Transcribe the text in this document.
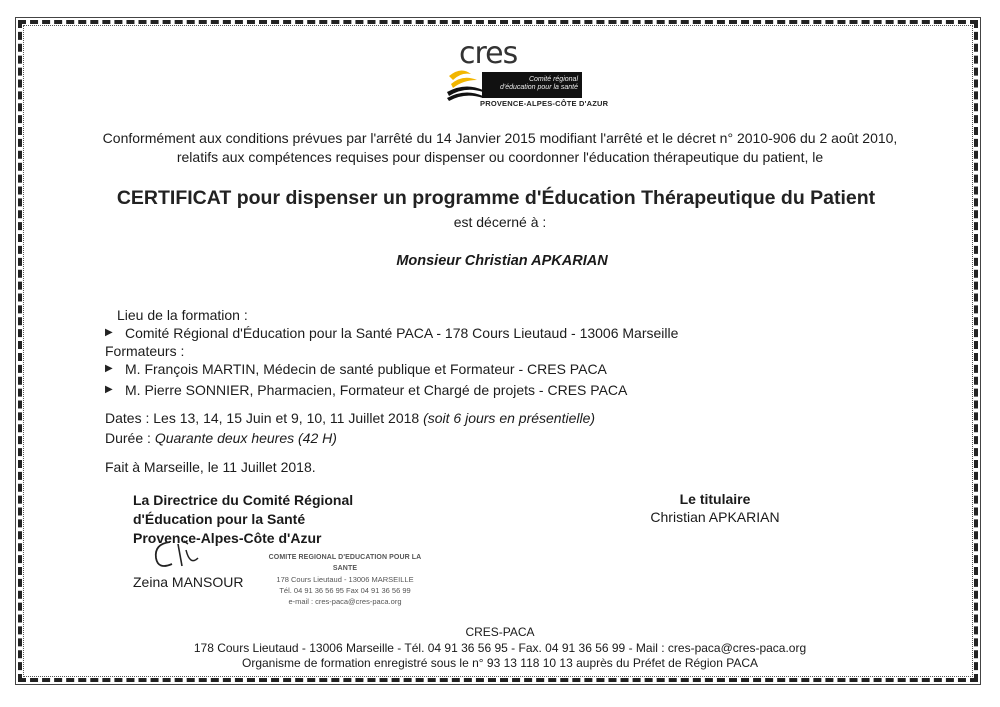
cres
Comité régional
d'éducation pour la santé
PROVENCE-ALPES-CÔTE D'AZUR
Conformément aux conditions prévues par l'arrêté du 14 Janvier 2015 modifiant l'arrêté et le décret n° 2010-906 du 2 août 2010,
relatifs aux compétences requises pour dispenser ou coordonner l'éducation thérapeutique du patient, le
CERTIFICAT pour dispenser un programme d'Éducation Thérapeutique du Patient
est décerné à :
Monsieur Christian APKARIAN
Lieu de la formation :
▶ Comité Régional d'Éducation pour la Santé PACA - 178 Cours Lieutaud - 13006 Marseille
Formateurs :
▶ M. François MARTIN, Médecin de santé publique et Formateur - CRES PACA
▶ M. Pierre SONNIER, Pharmacien, Formateur et Chargé de projets - CRES PACA
Dates : Les 13, 14, 15 Juin et 9, 10, 11 Juillet 2018 (soit 6 jours en présentielle)
Durée : Quarante deux heures (42 H)
Fait à Marseille, le 11 Juillet 2018.
La Directrice du Comité Régional
d'Éducation pour la Santé
Provence-Alpes-Côte d'Azur
Zeina MANSOUR
COMITE REGIONAL D'EDUCATION POUR LA SANTE
178 Cours Lieutaud - 13006 MARSEILLE
Tél. 04 91 36 56 95 Fax 04 91 36 56 99
e-mail : cres-paca@cres-paca.org
Le titulaire
Christian APKARIAN
CRES-PACA
178 Cours Lieutaud - 13006 Marseille - Tél. 04 91 36 56 95 - Fax. 04 91 36 56 99 - Mail : cres-paca@cres-paca.org
Organisme de formation enregistré sous le n° 93 13 118 10 13 auprès du Préfet de Région PACA
